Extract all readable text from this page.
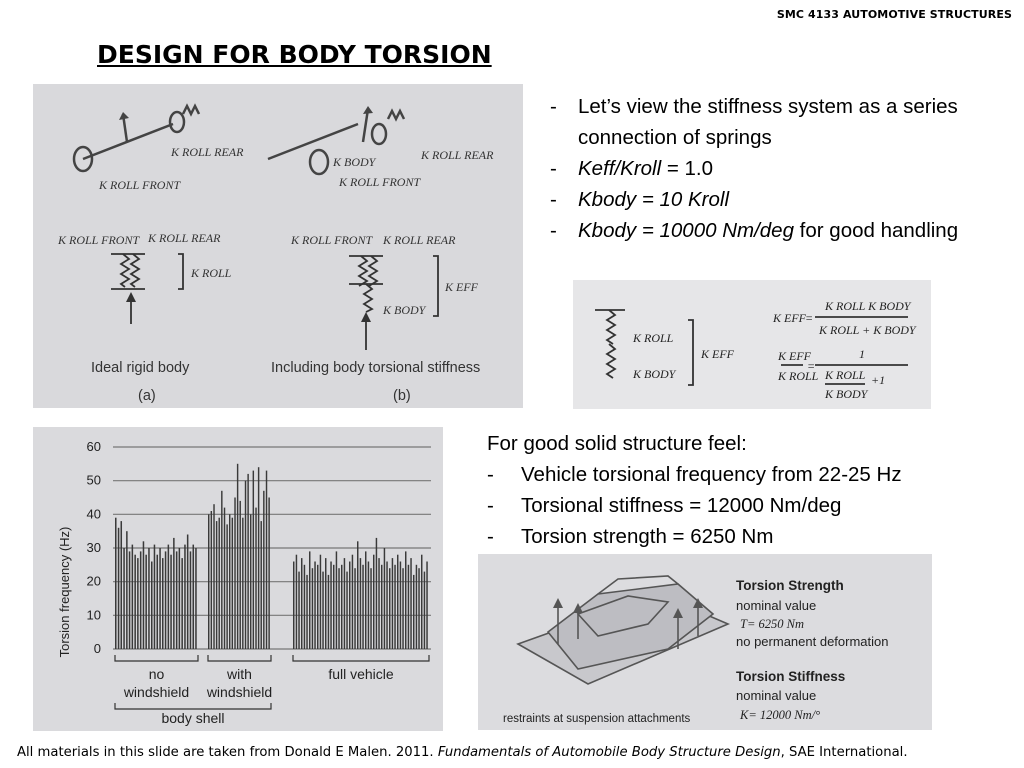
SMC 4133 AUTOMOTIVE STRUCTURES
DESIGN FOR BODY TORSION
K ROLL REAR
K ROLL FRONT
K ROLL FRONT K ROLL REAR
K ROLL
K ROLL REAR
K BODY
K ROLL FRONT
K ROLL FRONT K ROLL REAR
K BODY
K EFF
Ideal rigid body	Including body torsional stiffness
(a)	(b)
-	Let’s view the stiffness system as a series connection of springs
-	Keff/Kroll = 1.0
-	Kbody = 10 Kroll
-	Kbody = 10000 Nm/deg for good handling
K ROLL
K BODY
K EFF
K EFF =
K ROLL K BODY
K ROLL + K BODY
K EFF
K ROLL
=
1
K ROLL
K BODY
+1
0
10
20
30
40
50
60
Torsion frequency (Hz)
no
windshield
with
windshield
full vehicle
body shell
For good solid structure feel:
-	Vehicle torsional frequency from 22-25 Hz
-	Torsional stiffness = 12000 Nm/deg
-	Torsion strength = 6250 Nm
Torsion Strength
nominal value
T= 6250 Nm
no permanent deformation
Torsion Stiffness
nominal value
K= 12000 Nm/°
restraints at suspension attachments
All materials in this slide are taken from Donald E Malen. 2011. Fundamentals of Automobile Body Structure Design, SAE International.
